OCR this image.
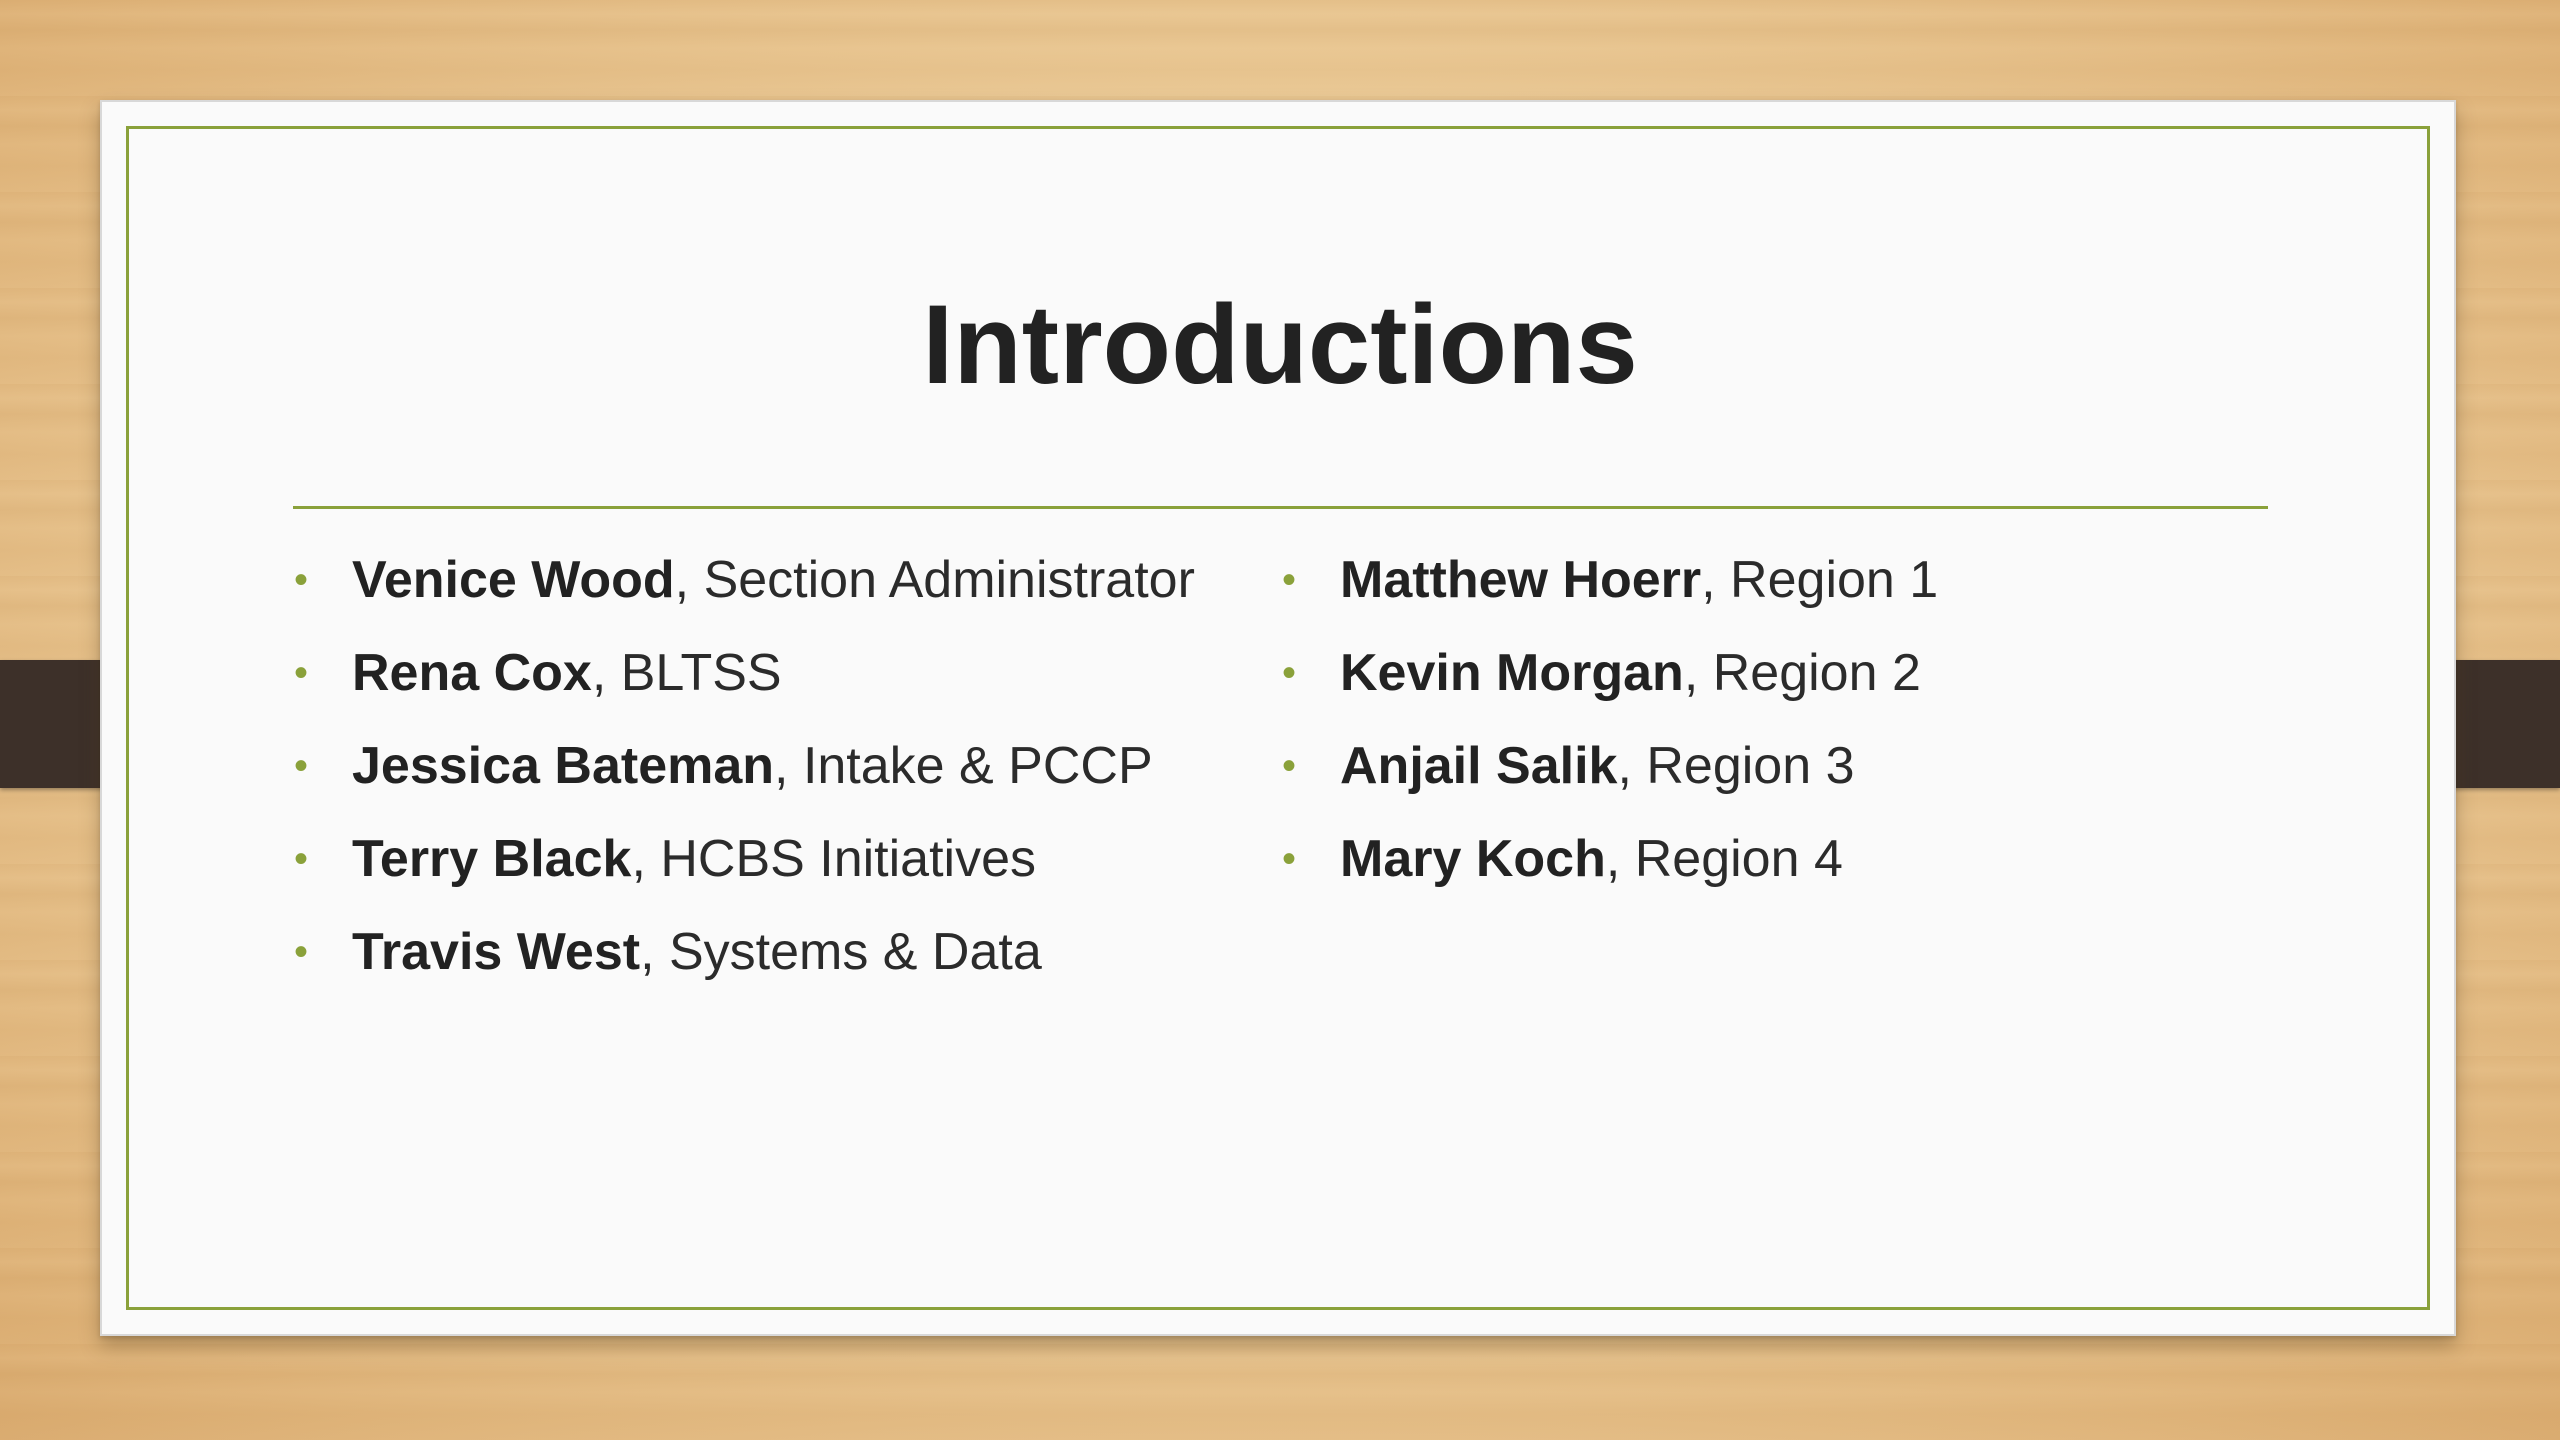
Introductions
• Venice Wood, Section Administrator
• Rena Cox, BLTSS
• Jessica Bateman, Intake & PCCP
• Terry Black, HCBS Initiatives
• Travis West, Systems & Data
• Matthew Hoerr, Region 1
• Kevin Morgan, Region 2
• Anjail Salik, Region 3
• Mary Koch, Region 4
